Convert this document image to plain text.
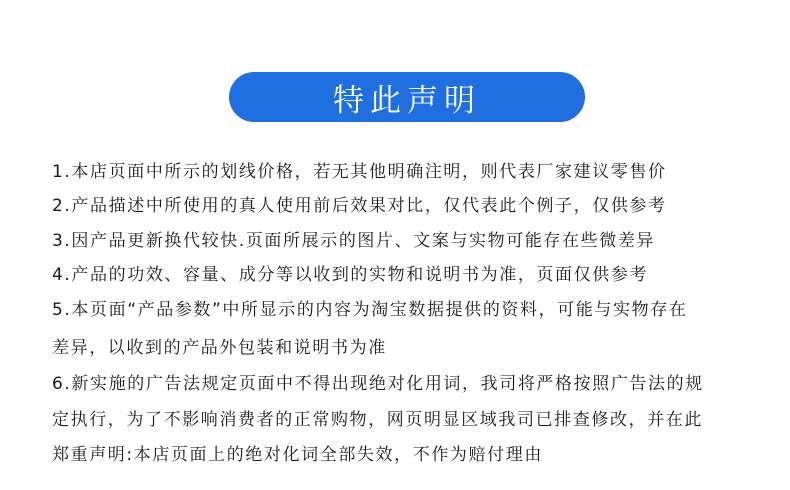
特此声明
1.本店页面中所示的划线价格，若无其他明确注明，则代表厂家建议零售价
2.产品描述中所使用的真人使用前后效果对比，仅代表此个例子，仅供参考
3.因产品更新换代较快.页面所展示的图片、文案与实物可能存在些微差异
4.产品的功效、容量、成分等以收到的实物和说明书为准，页面仅供参考
5.本页面“产品参数”中所显示的内容为淘宝数据提供的资料，可能与实物存在
差异，以收到的产品外包装和说明书为准
6.新实施的广告法规定页面中不得出现绝对化用词，我司将严格按照广告法的规
定执行，为了不影响消费者的正常购物，网页明显区域我司已排查修改，并在此
郑重声明:本店页面上的绝对化词全部失效，不作为赔付理由
